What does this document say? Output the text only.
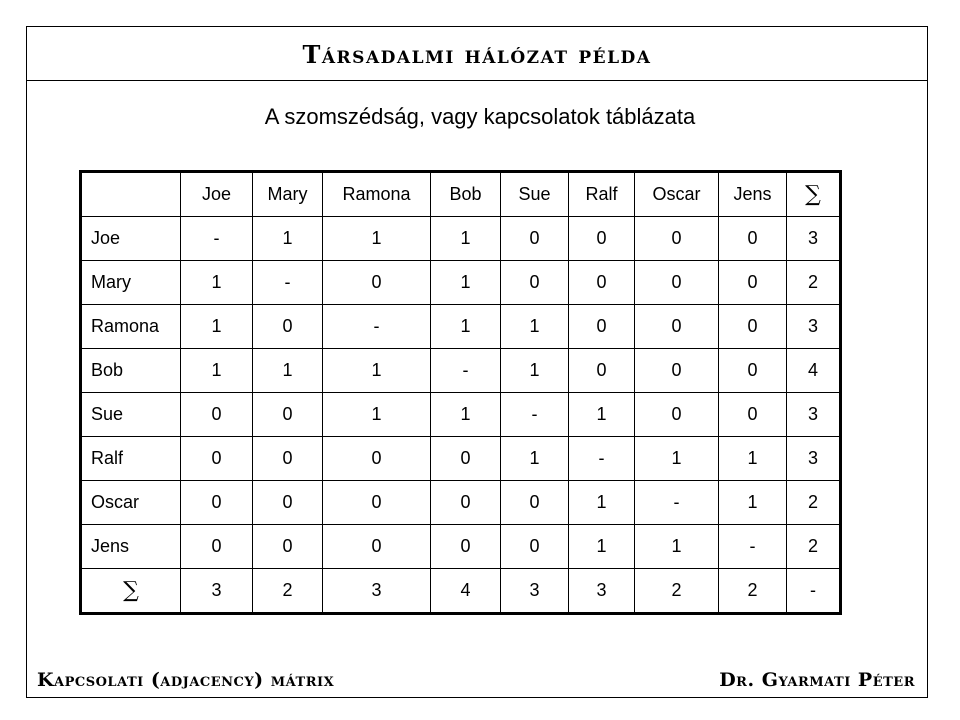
Társadalmi hálózat példa
A szomszédság, vagy kapcsolatok táblázata
	Joe	Mary	Ramona	Bob	Sue	Ralf	Oscar	Jens	∑
Joe	-	1	1	1	0	0	0	0	3
Mary	1	-	0	1	0	0	0	0	2
Ramona	1	0	-	1	1	0	0	0	3
Bob	1	1	1	-	1	0	0	0	4
Sue	0	0	1	1	-	1	0	0	3
Ralf	0	0	0	0	1	-	1	1	3
Oscar	0	0	0	0	0	1	-	1	2
Jens	0	0	0	0	0	1	1	-	2
∑	3	2	3	4	3	3	2	2	-
Kapcsolati (adjacency) mátrix	Dr. Gyarmati Péter
